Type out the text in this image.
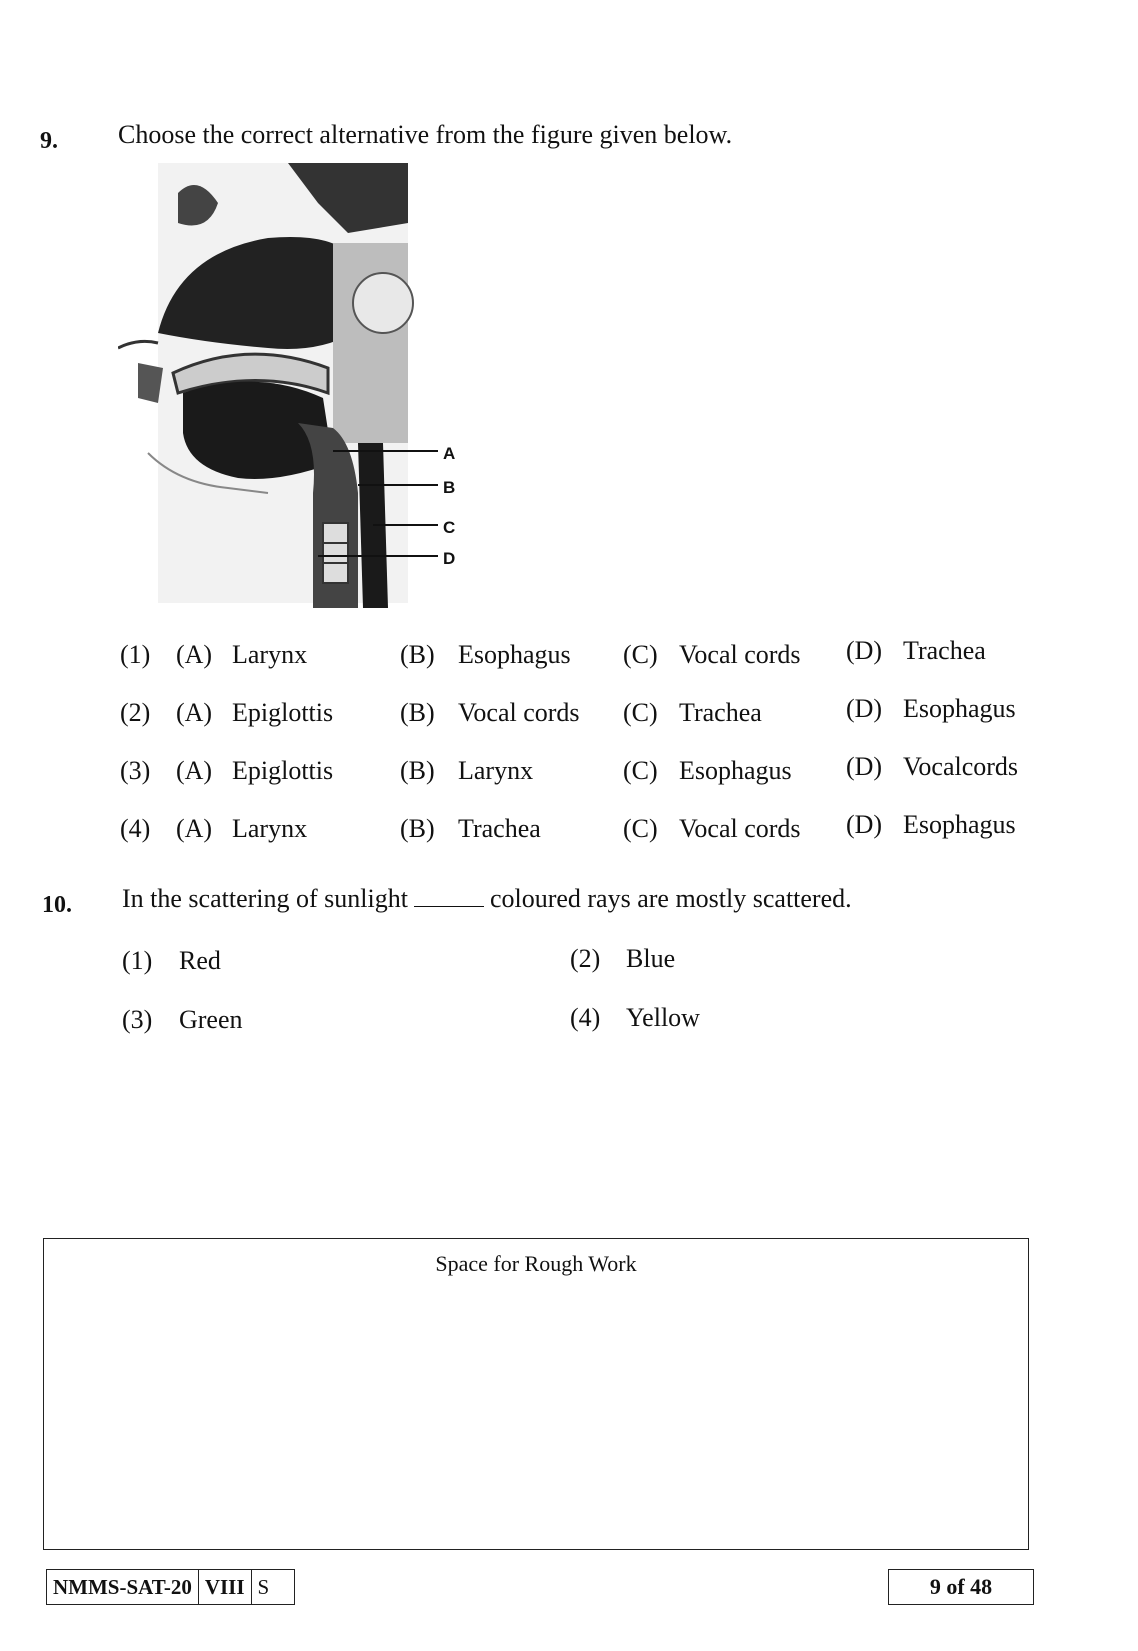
9. Choose the correct alternative from the figure given below.
A
B
C
D
(1) (A) Larynx	(B) Esophagus (C) Vocal cords (D) Trachea
(2) (A) Epiglottis	(B) Vocal cords (C) Trachea	(D) Esophagus
(3) (A) Epiglottis	(B) Larynx	(C) Esophagus (D) Vocalcords
(4) (A) Larynx	(B) Trachea	(C) Vocal cords (D) Esophagus
10. In the scattering of sunlight	coloured rays are mostly scattered.
(1) Red	(2) Blue
(3) Green	(4) Yellow
Space for Rough Work
NMMS-SAT-20 VIII S	9 of 48
